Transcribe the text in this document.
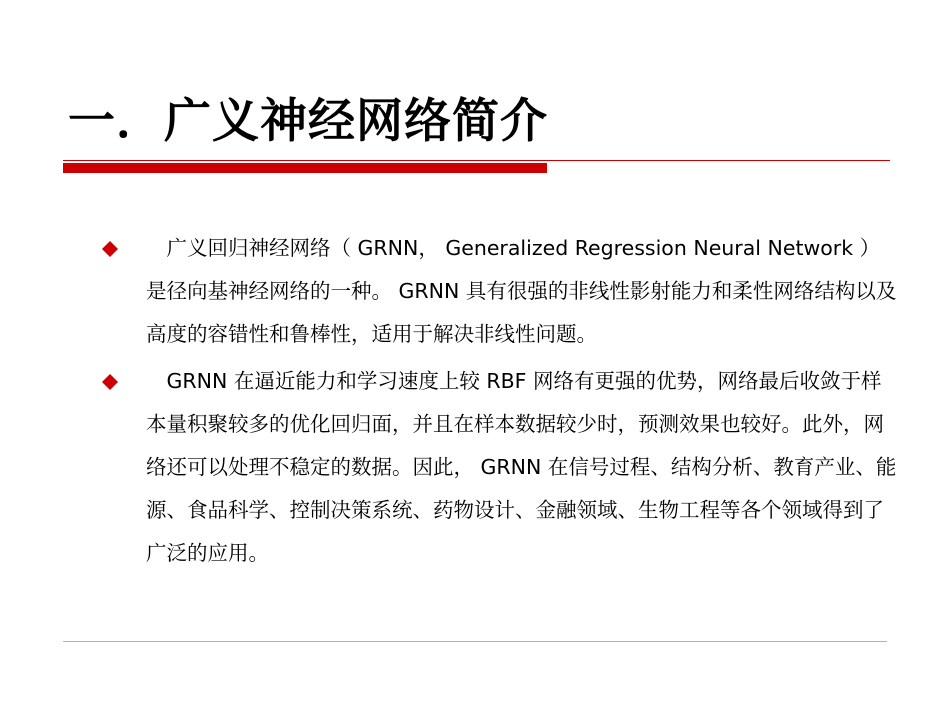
一．广义神经网络简介
　广义回归神经网络（ GRNN， Generalized Regression Neural Network ）是径向基神经网络的一种。 GRNN 具有很强的非线性影射能力和柔性网络结构以及高度的容错性和鲁棒性，适用于解决非线性问题。
　GRNN 在逼近能力和学习速度上较 RBF 网络有更强的优势，网络最后收敛于样本量积聚较多的优化回归面，并且在样本数据较少时，预测效果也较好。此外，网络还可以处理不稳定的数据。因此， GRNN 在信号过程、结构分析、教育产业、能源、食品科学、控制决策系统、药物设计、金融领域、生物工程等各个领域得到了广泛的应用。
